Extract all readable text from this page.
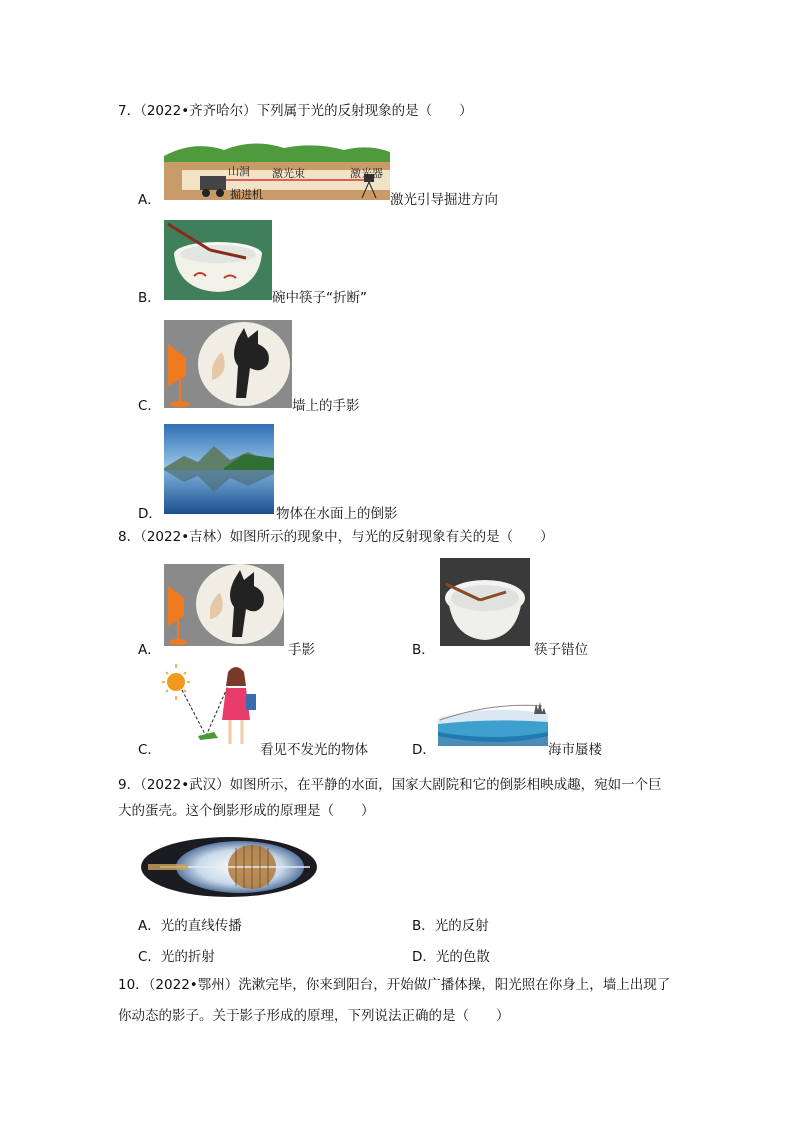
7．（2022•齐齐哈尔）下列属于光的反射现象的是（　　）
A．
山洞 激光束	激光器
掘进机	激光引导掘进方向
B．	碗中筷子“折断”
C．	墙上的手影
D．	物体在水面上的倒影
8．（2022•吉林）如图所示的现象中，与光的反射现象有关的是（　　）
A．	手影	B．	筷子错位
C．	看见不发光的物体	D．	海市蜃楼
9．（2022•武汉）如图所示，在平静的水面，国家大剧院和它的倒影相映成趣，宛如一个巨
大的蛋壳。这个倒影形成的原理是（　　）
A．光的直线传播	B．光的反射
C．光的折射	D．光的色散
10．（2022•鄂州）洗漱完毕，你来到阳台，开始做广播体操，阳光照在你身上，墙上出现了
你动态的影子。关于影子形成的原理，下列说法正确的是（　　）
